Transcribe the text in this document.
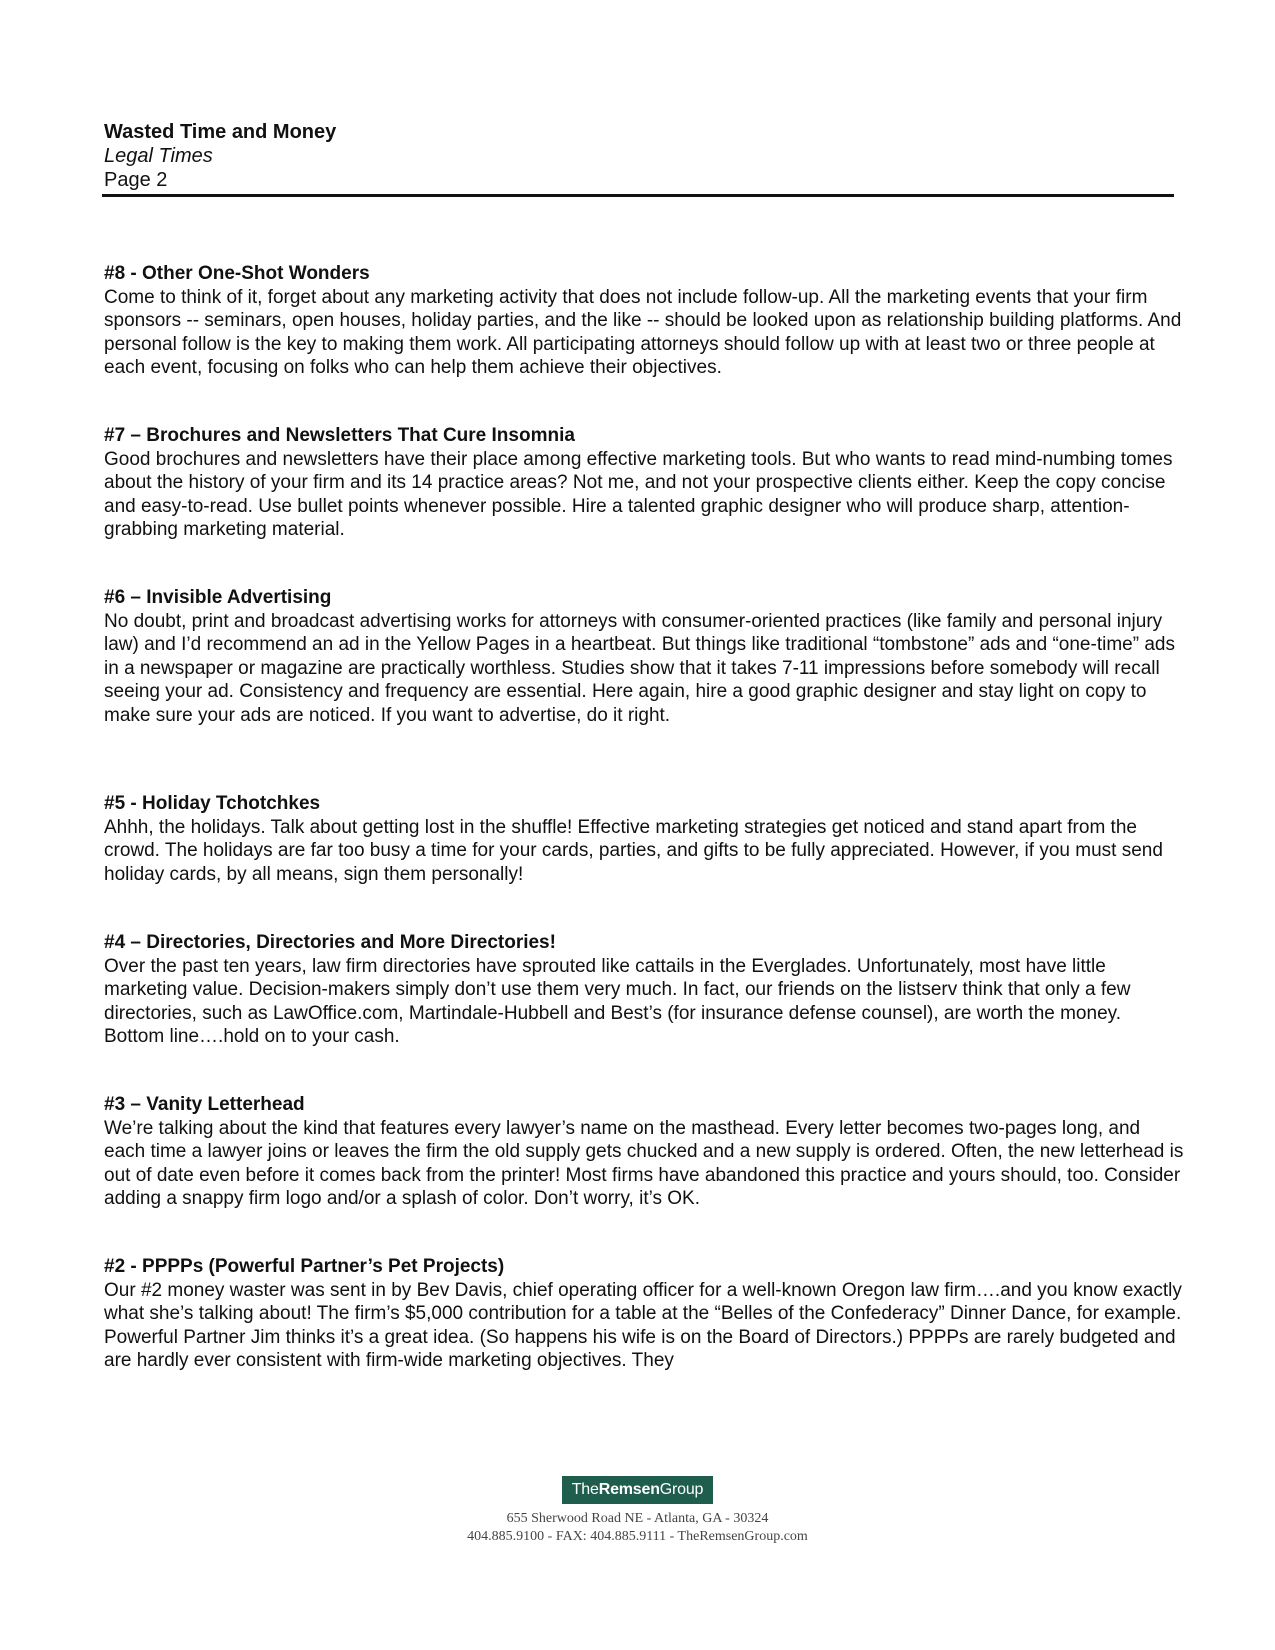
Wasted Time and Money
Legal Times
Page 2
#8 - Other One-Shot Wonders
Come to think of it, forget about any marketing activity that does not include follow-up. All the marketing events that your firm sponsors -- seminars, open houses, holiday parties, and the like -- should be looked upon as relationship building platforms. And personal follow is the key to making them work. All participating attorneys should follow up with at least two or three people at each event, focusing on folks who can help them achieve their objectives.
#7 – Brochures and Newsletters That Cure Insomnia
Good brochures and newsletters have their place among effective marketing tools. But who wants to read mind-numbing tomes about the history of your firm and its 14 practice areas? Not me, and not your prospective clients either. Keep the copy concise and easy-to-read. Use bullet points whenever possible. Hire a talented graphic designer who will produce sharp, attention-grabbing marketing material.
#6 – Invisible Advertising
No doubt, print and broadcast advertising works for attorneys with consumer-oriented practices (like family and personal injury law) and I’d recommend an ad in the Yellow Pages in a heartbeat. But things like traditional “tombstone” ads and “one-time” ads in a newspaper or magazine are practically worthless. Studies show that it takes 7-11 impressions before somebody will recall seeing your ad. Consistency and frequency are essential. Here again, hire a good graphic designer and stay light on copy to make sure your ads are noticed. If you want to advertise, do it right.
#5 - Holiday Tchotchkes
Ahhh, the holidays. Talk about getting lost in the shuffle! Effective marketing strategies get noticed and stand apart from the crowd. The holidays are far too busy a time for your cards, parties, and gifts to be fully appreciated. However, if you must send holiday cards, by all means, sign them personally!
#4 – Directories, Directories and More Directories!
Over the past ten years, law firm directories have sprouted like cattails in the Everglades. Unfortunately, most have little marketing value. Decision-makers simply don’t use them very much. In fact, our friends on the listserv think that only a few directories, such as LawOffice.com, Martindale-Hubbell and Best’s (for insurance defense counsel), are worth the money. Bottom line….hold on to your cash.
#3 – Vanity Letterhead
We’re talking about the kind that features every lawyer’s name on the masthead. Every letter becomes two-pages long, and each time a lawyer joins or leaves the firm the old supply gets chucked and a new supply is ordered. Often, the new letterhead is out of date even before it comes back from the printer! Most firms have abandoned this practice and yours should, too. Consider adding a snappy firm logo and/or a splash of color. Don’t worry, it’s OK.
#2 - PPPPs (Powerful Partner’s Pet Projects)
Our #2 money waster was sent in by Bev Davis, chief operating officer for a well-known Oregon law firm….and you know exactly what she’s talking about! The firm’s $5,000 contribution for a table at the “Belles of the Confederacy” Dinner Dance, for example. Powerful Partner Jim thinks it’s a great idea. (So happens his wife is on the Board of Directors.) PPPPs are rarely budgeted and are hardly ever consistent with firm-wide marketing objectives. They
TheRemsenGroup
655 Sherwood Road NE - Atlanta, GA - 30324
404.885.9100 - FAX: 404.885.9111 - TheRemsenGroup.com
